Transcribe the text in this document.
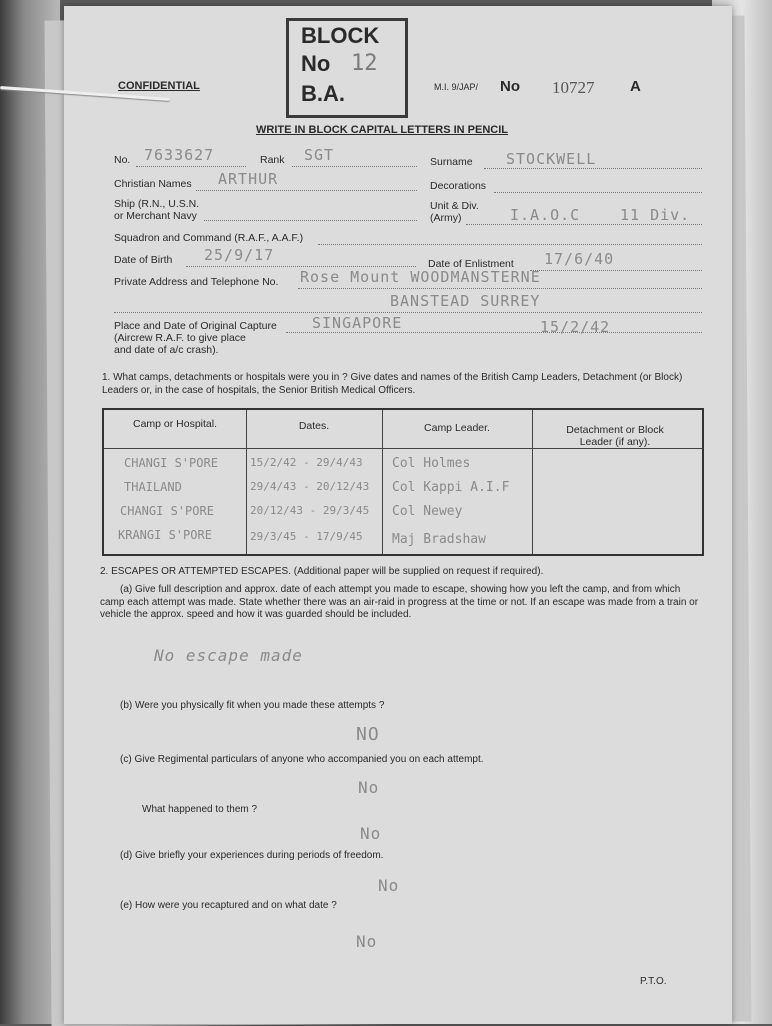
BLOCK
No 12
B.A.
CONFIDENTIAL	M.I. 9/JAP/ No 10727 A
WRITE IN BLOCK CAPITAL LETTERS IN PENCIL
No. 7633627	Rank SGT	Surname STOCKWELL
Christian Names ARTHUR	Decorations
Ship (R.N., U.S.N.
or Merchant Navy
Unit & Div.
(Army)	I.A.O.C	11 Div.
Squadron and Command (R.A.F., A.A.F.)
Date of Birth 25/9/17	Date of Enlistment 17/6/40
Private Address and Telephone No. Rose Mount WOODMANSTERNE
BANSTEAD SURREY
Place and Date of Original Capture
(Aircrew R.A.F. to give place
and date of a/c crash).
SINGAPORE	15/2/42
1. What camps, detachments or hospitals were you in ? Give dates and names of the British Camp Leaders, Detachment (or Block) Leaders or, in the case of hospitals, the Senior British Medical Officers.
Camp or Hospital.	Dates.	Camp Leader.	Detachment or Block Leader (if any).
CHANGI S'PORE	15/2/42 - 29/4/43 Col Holmes
THAILAND	29/4/43 - 20/12/43 Col Kappi A.I.F
CHANGI S'PORE	20/12/43 - 29/3/45 Col Newey
KRANGI S'PORE	29/3/45 - 17/9/45 Maj Bradshaw
2. ESCAPES OR ATTEMPTED ESCAPES. (Additional paper will be supplied on request if required).
(a) Give full description and approx. date of each attempt you made to escape, showing how you left the camp, and from which camp each attempt was made. State whether there was an air-raid in progress at the time or not. If an escape was made from a train or vehicle the approx. speed and how it was guarded should be included.
No escape made
(b) Were you physically fit when you made these attempts ?
NO
(c) Give Regimental particulars of anyone who accompanied you on each attempt.
No
What happened to them ?
No
(d) Give briefly your experiences during periods of freedom.
No
(e) How were you recaptured and on what date ?
No
P.T.O.
